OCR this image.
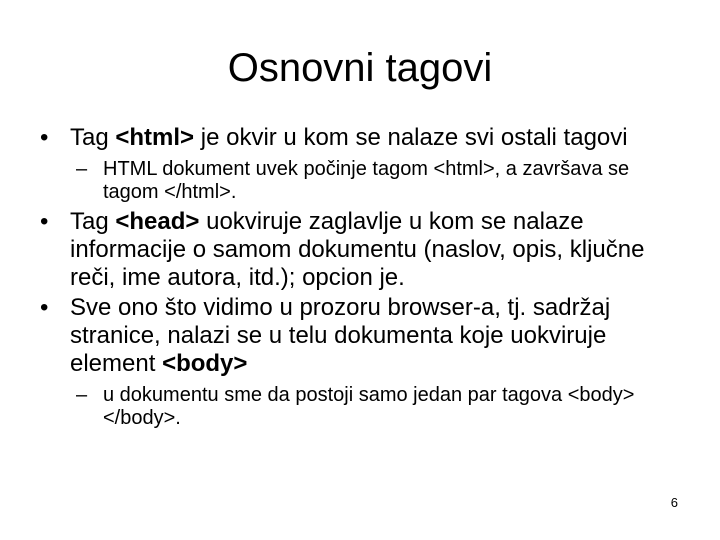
Osnovni tagovi

• Tag <html> je okvir u kom se nalaze svi ostali tagovi

– HTML dokument uvek počinje tagom <html>, a završava se tagom </html>.

• Tag <head> uokviruje zaglavlje u kom se nalaze informacije o samom dokumentu (naslov, opis, ključne reči, ime autora, itd.); opcion je.

• Sve ono što vidimo u prozoru browser-a, tj. sadržaj stranice, nalazi se u telu dokumenta koje uokviruje element <body>

– u dokumentu sme da postoji samo jedan par tagova <body></body>.

6
